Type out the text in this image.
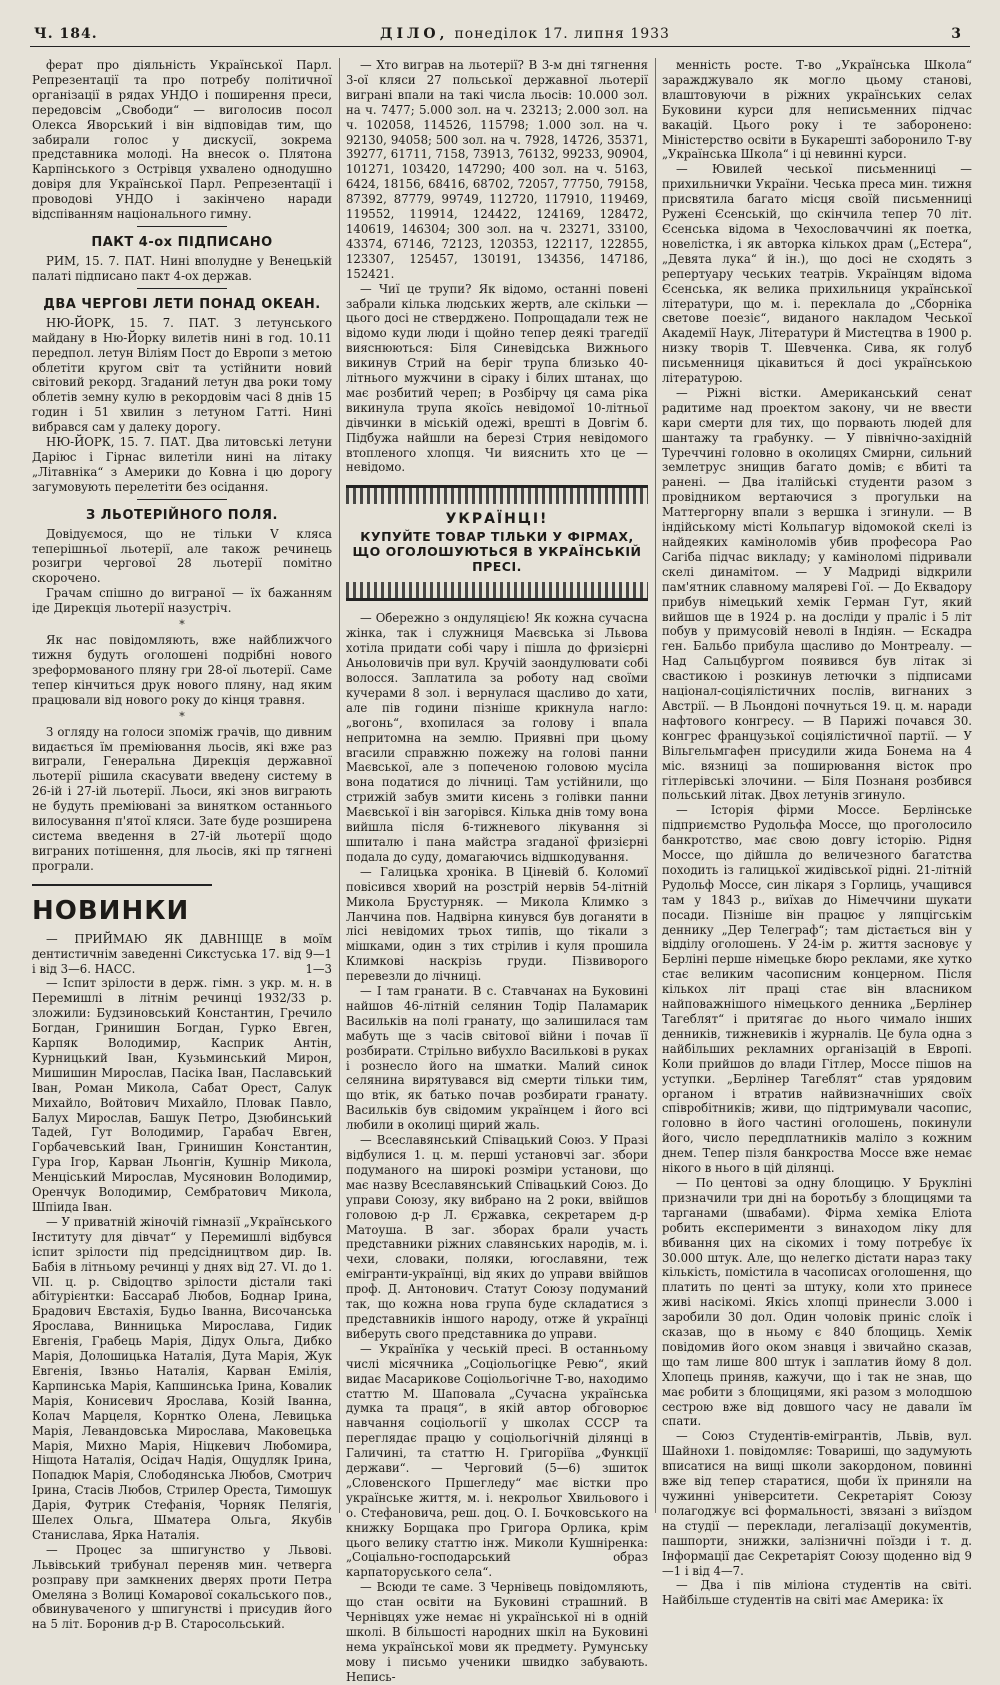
Ч. 184.	ДІЛО, понеділок 17. липня 1933	3

ферат про діяльність Української Парл. Репрезентації та про потребу політичної організації в рядах УНДО і поширення преси, передовсім „Свободи“ — виголосив посол Олекса Яворський і він відповідав тим, що забирали голос у дискусії, зокрема представника молоді. На внесок о. Плятона Карпінського з Острівця ухвалено однодушно довіря для Української Парл. Репрезентації і проводові УНДО і закінчено наради відспіванням національного гимну.

ПАКТ 4-ох ПІДПИСАНО

РИМ, 15. 7. ПАТ. Нині вполудне у Венецькій палаті підписано пакт 4-ох держав.

ДВА ЧЕРГОВІ ЛЕТИ ПОНАД ОКЕАН.

НЮ-ЙОРК, 15. 7. ПАТ. З летунського майдану в Ню-Йорку вилетів нині в год. 10.11 передпол. летун Віліям Пост до Европи з метою облетіти кругом світ та устійнити новий світовий рекорд. Згаданий летун два роки тому облетів земну кулю в рекордовім часі 8 днів 15 годин і 51 хвилин з летуном Гатті. Нині вибрався сам у далеку дорогу.

НЮ-ЙОРК, 15. 7. ПАТ. Два литовські летуни Даріюс і Гірнас вилетіли нині на літаку „Літавніка“ з Америки до Ковна і цю дорогу загумовують перелетіти без осідання.

З ЛЬОТЕРІЙНОГО ПОЛЯ.

Довідуємося, що не тільки V кляса теперішньої льотерії, але також речинець розигри чергової 28 льотерії помітно скорочено.

Грачам спішно до виграної — їх бажанням іде Дирекція льотерії назустріч.

*

Як нас повідомляють, вже найближчого тижня будуть оголошені подрібні нового зреформованого пляну гри 28-ої льотерії. Саме тепер кінчиться друк нового пляну, над яким працювали від нового року до кінця травня.

*

З огляду на голоси зпоміж грачів, що дивним видається їм преміювання льосів, які вже раз виграли, Генеральна Дирекція державної льотерії рішила скасувати введену систему в 26-ій і 27-ій льотерії. Льоси, які знов виграють не будуть преміювані за винятком останнього вилосування п'ятої кляси. Зате буде розширена система введення в 27-ій льотерії щодо виграних потішення, для льосів, які пр тягнені програли.

НОВИНКИ

— ПРИЙМАЮ ЯК ДАВНІЩЕ в моїм дентистичнім заведенні Сикстуська 17. від 9—1 і від 3—6. НАСС.	1—3

— Іспит зрілости в держ. гімн. з укр. м. н. в Перемишлі в літнім речинці 1932/33 р. зложили: Будзиновський Константин, Гречило Богдан, Гринишин Богдан, Гурко Евген, Карпяк Володимир, Касприк Антін, Курницький Іван, Кузьминський Мирон, Мишишин Мирослав, Пасіка Іван, Паславський Іван, Роман Микола, Сабат Орест, Салук Михайло, Войтович Михайло, Пловак Павло, Балух Мирослав, Башук Петро, Дзюбинський Тадей, Гут Володимир, Гарабач Евген, Горбачевський Іван, Гринишин Константин, Гура Ігор, Карван Льонгін, Кушнір Микола, Менціський Мирослав, Мусяновин Володимир, Оренчук Володимир, Сембратович Микола, Шпіида Іван.

— У приватній жіночій гімназії „Українського Інституту для дівчат“ у Перемишлі відбувся іспит зрілости під предсідництвом дир. Ів. Бабія в літньому речинці у днях від 27. VI. до 1. VII. ц. р. Свідоцтво зрілости дістали такі абітурієнтки: Бассараб Любов, Боднар Ірина, Брадович Евстахія, Будьо Іванна, Височанська Ярослава, Винницька Мирослава, Гидик Евгенія, Грабець Марія, Дідух Ольга, Дибко Марія, Долошицька Наталія, Дута Марія, Жук Евгенія, Івзньо Наталія, Карван Емілія, Карпинська Марія, Капшинська Ірина, Ковалик Марія, Конисевич Ярослава, Козій Іванна, Колач Марцеля, Корнтко Олена, Левицька Марія, Левандовська Мирослава, Маковецька Марія, Михно Марія, Ніцкевич Любомира, Ніщота Наталія, Осідач Надія, Ощудляк Ірина, Попадюк Марія, Слободянська Любов, Смотрич Ірина, Стасів Любов, Стрилер Ореста, Тимошук Дарія, Футрик Стефанія, Чорняк Пелягія, Шелех Ольга, Шматера Ольга, Якубів Станислава, Ярка Наталія.

— Процес за шпигунство у Львові. Львівський трибунал переняв мин. четверга розправу при замкнених дверях проти Петра Омеляна з Волиці Комарової сокальського пов., обвинуваченого у шпигунстві і присудив його на 5 літ. Боронив д-р В. Старосольський.

— Хто виграв на льотерії? В 3-м дні тягнення 3-ої кляси 27 польської державної льотерії виграні впали на такі числа льосів: 10.000 зол. на ч. 7477; 5.000 зол. на ч. 23213; 2.000 зол. на ч. 102058, 114526, 115798; 1.000 зол. на ч. 92130, 94058; 500 зол. на ч. 7928, 14726, 35371, 39277, 61711, 7158, 73913, 76132, 99233, 90904, 101271, 103420, 147290; 400 зол. на ч. 5163, 6424, 18156, 68416, 68702, 72057, 77750, 79158, 87392, 87779, 99749, 112720, 117910, 119469, 119552, 119914, 124422, 124169, 128472, 140619, 146304; 300 зол. на ч. 23271, 33100, 43374, 67146, 72123, 120353, 122117, 122855, 123307, 125457, 130191, 134356, 147186, 152421.

— Чиї це трупи? Як відомо, останні повені забрали кілька людських жертв, але скільки — цього досі не стверджено. Попрощадали теж не відомо куди люди і щойно тепер деякі трагедії вияснюються: Біля Синевідська Вижнього викинув Стрий на беріг трупа близько 40-літнього мужчини в сіраку і білих штанах, що має розбитий череп; в Розбірчу ця сама ріка викинула трупа якоїсь невідомої 10-літньої дівчинки в міській одежі, врешті в Довгім б. Підбужа найшли на березі Стрия невідомого втопленого хлопця. Чи вияснить хто це — невідомо.

УКРАЇНЦІ!
КУПУЙТЕ ТОВАР ТІЛЬКИ У ФІРМАХ, ЩО ОГОЛОШУЮТЬСЯ В УКРАЇНСЬКІЙ ПРЕСІ.

— Обережно з ондуляцією! Як кожна сучасна жінка, так і служниця Маєвська зі Львова хотіла придати собі чару і пішла до фризієрні Аньоловичів при вул. Кручій заондулювати собі волосся. Заплатила за роботу над своїми кучерами 8 зол. і вернулася щасливо до хати, але пів години пізніше крикнула нагло: „вогонь“, вхопилася за голову і впала непритомна на землю. Приявні при цьому вгасили справжню пожежу на голові панни Маєвської, але з попеченою головою мусіла вона податися до лічниці. Там устійнили, що стрижій забув змити кисень з голівки панни Маєвської і він загорівся. Кілька днів тому вона вийшла після 6-тижневого лікування зі шпиталю і пана майстра згаданої фризієрні подала до суду, домагаючись відшкодування.

— Галицька хроніка. В Ціневій б. Коломиї повісився хворий на розстрій нервів 54-літній Микола Брустурняк. — Микола Климко з Ланчина пов. Надвірна кинувся був доганяти в лісі невідомих трьох типів, що тікали з мішками, один з тих стрілив і куля прошила Климкові наскрізь груди. Пізвиворого перевезли до лічниці.

— І там гранати. В с. Ставчанах на Буковині найшов 46-літній селянин Тодір Паламарик Васильків на полі гранату, що залишилася там мабуть ще з часів світової війни і почав її розбирати. Стрільно вибухло Василькові в руках і рознесло його на шматки. Малий синок селянина вирятувався від смерти тільки тим, що втік, як батько почав розбирати гранату. Васильків був свідомим українцем і його всі любили в околиці щирий жаль.

— Всеславянський Співацький Союз. У Празі відбулися 1. ц. м. перші установчі заг. збори подуманого на широкі розміри установи, що має назву Всеславянський Співацький Союз. До управи Союзу, яку вибрано на 2 роки, ввійшов головою д-р Л. Єржавка, секретарем д-р Матоуша. В заг. зборах брали участь представники ріжних славянських народів, м. і. чехи, словаки, поляки, югославяни, теж емігранти-українці, від яких до управи ввійшов проф. Д. Антонович. Статут Союзу подуманий так, що кожна нова група буде складатися з представників іншого народу, отже й українці виберуть свого представника до управи.

— Українїка у чеській пресі. В останньому числі місячника „Соціольогіцке Ревю“, який видає Масарикове Соціольогічне Т-во, находимо статтю М. Шаповала „Сучасна українська думка та праця“, в якій автор обговорює навчання соціольогії у школах СССР та переглядає працю у соціольогічній ділянці в Галичині, та статтю Н. Григоріїва „Функції держави“. — Черговий (5—6) зшиток „Словенского Пршегледу“ має вістки про українське життя, м. і. некрольог Хвильового і о. Стефановича, реш. доц. О. І. Бочковського на книжку Борщака про Григора Орлика, крім цього велику статтю інж. Миколи Кушніренка: „Соціально-господарський образ карпаторуського села“.

— Всюди те саме. З Чернівець повідомляють, що стан освіти на Буковині страшний. В Чернівцях уже немає ні української ні в одній школі. В більшості народних шкіл на Буковині нема української мови як предмету. Румунську мову і письмо ученики швидко забувають. Непись-

менність росте. Т-во „Українська Школа“ заражджувало як могло цьому станові, влаштовуючи в ріжних українських селах Буковини курси для неписьменних підчас вакацій. Цього року і те заборонено: Міністерство освіти в Букарешті заборонило Т-ву „Українська Школа“ і ці невинні курси.

— Ювилей чеської письменниці — прихильнички України. Чеська преса мин. тижня присвятила багато місця своїй письменниці Ружені Єсенській, що скінчила тепер 70 літ. Єсенська відома в Чехословаччині як поетка, новелістка, і як авторка кількох драм („Естера“, „Девята лука“ й ін.), що досі не сходять з репертуару чеських театрів. Українцям відома Єсенська, як велика прихильниця української літератури, що м. і. переклала до „Сборніка светове поезіє“, виданого накладом Чеської Академії Наук, Літератури й Мистецтва в 1900 р. низку творів Т. Шевченка. Сива, як голуб письменниця цікавиться й досі українською літературою.

— Ріжні вістки. Американський сенат радитиме над проектом закону, чи не ввести кари смерти для тих, що порвають людей для шантажу та грабунку. — У північно-західній Туреччині головно в околицях Смирни, сильний землетрус знищив багато домів; є вбиті та ранені. — Два італійські студенти разом з провідником вертаючися з прогульки на Маттергорну впали з вершка і згинули. — В індійському місті Кольпагур відомокой скелі із найдеяких каміноломів убив професора Рао Сагіба підчас викладу; у каміноломі підривали скелі динамітом. — У Мадриді відкрили пам'ятник славному маляреві Гої. — До Еквадору прибув німецький хемік Герман Гут, який вийшов ще в 1924 р. на досліди у праліс і 5 літ побув у примусовій неволі в Індіян. — Ескадра ген. Бальбо прибула щасливо до Монтреалу. — Над Сальцбургом появився був літак зі свастикою і розкинув летючки з підписами націонал-соціялістичних послів, вигнаних з Австрії. — В Льондоні почнуться 19. ц. м. наради нафтового конгресу. — В Парижі почався 30. конгрес французької соціялістичної партії. — У Вільгельмгафен присудили жида Бонема на 4 міс. вязниці за поширювання вісток про гітлерівські злочини. — Біля Познаня розбився польський літак. Двох летунів згинуло.

— Історія фірми Моссе. Берлінське підприємство Рудольфа Моссе, що проголосило банкротство, має свою довгу історію. Рідня Моссе, що дійшла до величезного багатства походить із галицької жидівської рідні. 21-літній Рудольф Моссе, син лікаря з Горлиць, учащився там у 1843 р., виїхав до Німеччини шукати посади. Пізніше він працює у ляпцігськім деннику „Дер Телеграф“; там дістається він у відділу оголошень. У 24-ім р. життя засновує у Берліні перше німецьке бюро реклами, яке хутко стає великим часописним концерном. Після кількох літ праці стає він власником найповажнішого німецького денника „Берлінер Тагеблят“ і притягає до нього чимало інших денників, тижневиків і журналів. Це була одна з найбільших рекламних організацій в Европі. Коли прийшов до влади Гітлер, Моссе пішов на уступки. „Берлінер Тагеблят“ став урядовим органом і втратив найвизначніших своїх співробітників; живи, що підтримували часопис, головно в його частині оголошень, покинули його, число передплатників маліло з кожним днем. Тепер пізля банкроства Моссе вже немає нікого в нього в цій ділянці.

— По центові за одну блощицю. У Брукліні призначили три дні на боротьбу з блощицями та тарганами (швабами). Фірма хеміка Еліота робить експерименти з винаходом ліку для вбивання цих на сікомих і тому потребує їх 30.000 штук. Але, що нелегко дістати нараз таку кількість, помістила в часописах оголошення, що платить по центі за штуку, коли хто принесе живі насікомі. Якісь хлопці принесли 3.000 і заробили 30 дол. Один чоловік приніс слоїк і сказав, що в ньому є 840 блощиць. Хемік повідомив його оком знавця і звичайно сказав, що там лише 800 штук і заплатив йому 8 дол. Хлопець приняв, кажучи, що і так не знав, що має робити з блощицями, які разом з молодшою сестрою вже від довшого часу не давали їм спати.

— Союз Студентів-емігрантів, Львів, вул. Шайнохи 1. повідомляє: Товариші, що задумують вписатися на вищі школи закордоном, повинні вже від тепер старатися, щоби їх приняли на чужинні університети. Секретаріят Союзу полагоджує всі формальності, звязані з виїздом на студії — переклади, легалізації документів, пашпорти, знижки, залізничні поїзди і т. д. Інформації дає Секретаріят Союзу щоденно від 9—1 і від 4—7.

— Два і пів міліона студентів на світі. Найбільше студентів на світі має Америка: їх
